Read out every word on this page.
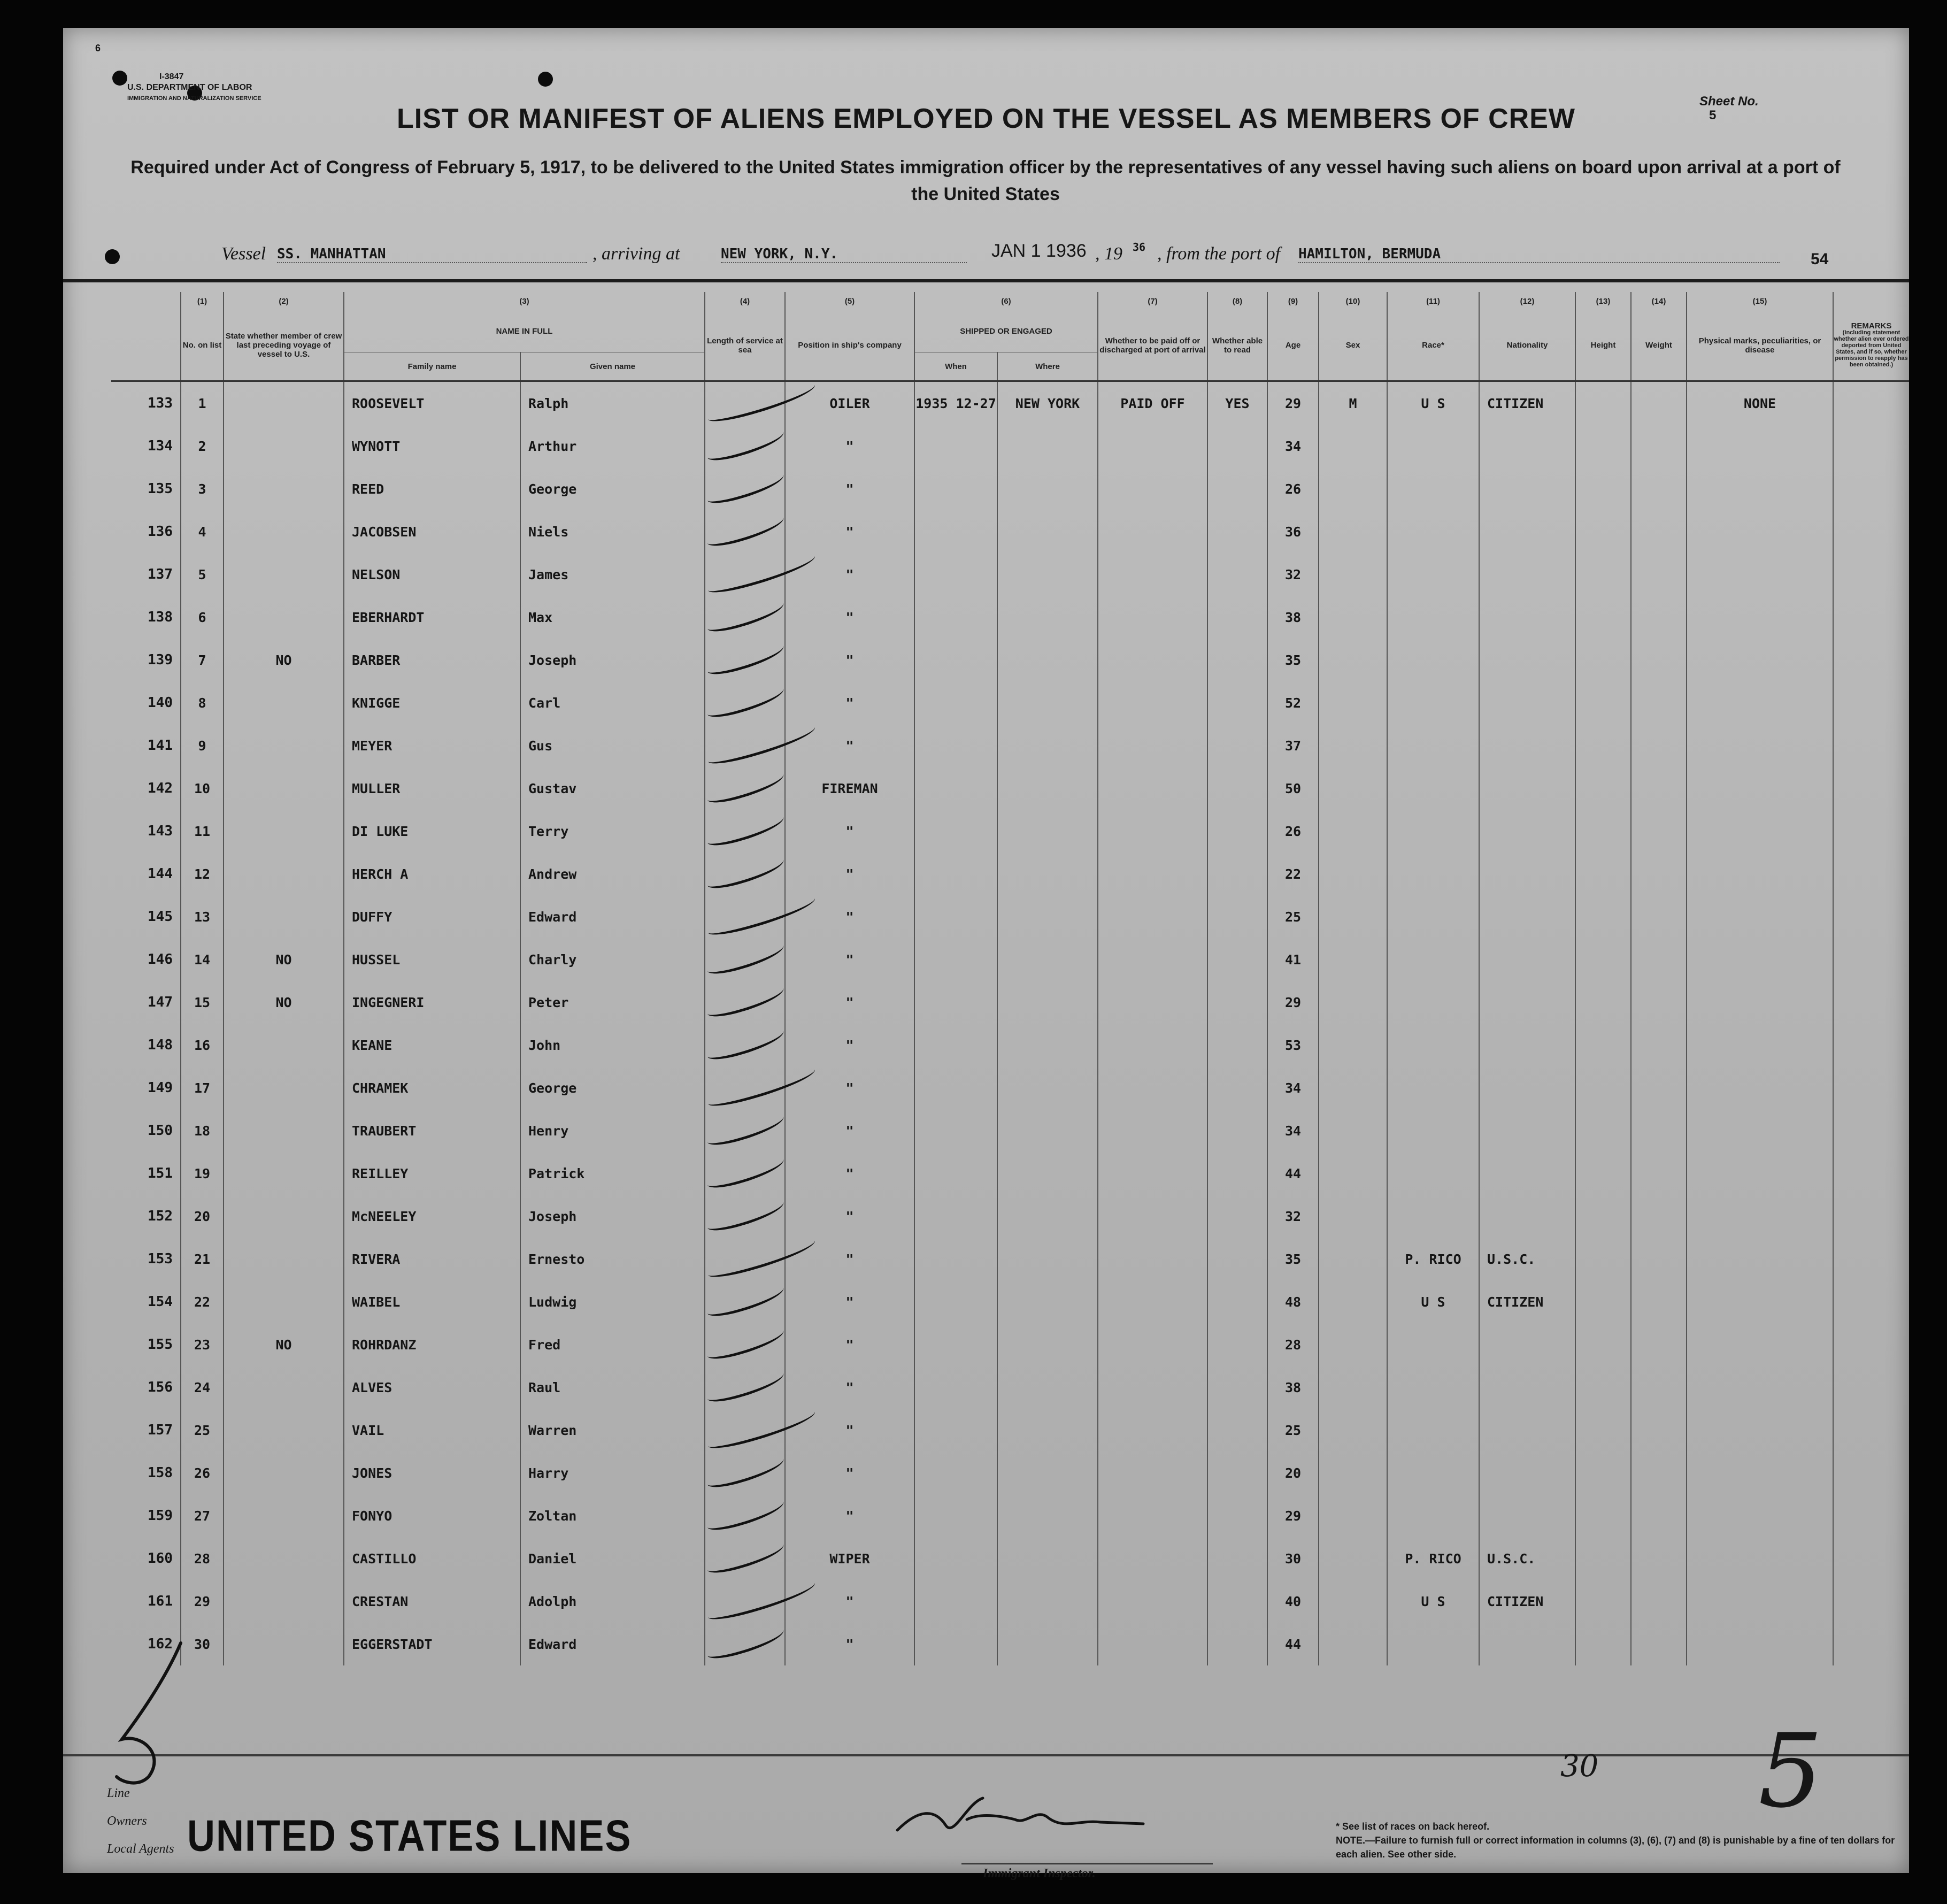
6
I-3847
U.S. DEPARTMENT OF LABOR
IMMIGRATION AND NATURALIZATION SERVICE	Sheet No.
5
LIST OR MANIFEST OF ALIENS EMPLOYED ON THE VESSEL AS MEMBERS OF CREW
Required under Act of Congress of February 5, 1917, to be delivered to the United States immigration officer by the representatives of any vessel having such aliens on board upon arrival at a port of the United States
Vessel SS. MANHATTAN	, arriving at	NEW YORK, N.Y.	JAN 1 1936 , 19 36 , from the port of HAMILTON, BERMUDA	54
	(1)	(2)	(3)		(4)	(5)	(6)		(7)	(8)	(9)	(10)	(11)	(12)	(13)	(14)	(15)	
	No. on list	State whether member of crew last preceding voyage of vessel to U.S.	NAME IN FULL		Length of service at sea	Position in ship's company	SHIPPED OR ENGAGED		Whether to be paid off or discharged at port of arrival	Whether able to read	Age	Sex	Race*	Nationality	Height	Weight	Physical marks, peculiarities, or disease	REMARKS
(Including statement whether alien ever ordered deported from United States, and if so, whether permission to reapply has been obtained.)

			Family name	Given name			When	Where										
133	1		ROOSEVELT	Ralph		OILER	1935 12-27	NEW YORK	PAID OFF	YES	29	M	U S	CITIZEN			NONE	
134	2		WYNOTT	Arthur		"					34							
135	3		REED	George		"					26							
136	4		JACOBSEN	Niels		"					36							
137	5		NELSON	James		"					32							
138	6		EBERHARDT	Max		"					38							
139	7	NO	BARBER	Joseph		"					35							
140	8		KNIGGE	Carl		"					52							
141	9		MEYER	Gus		"					37							
142	10		MULLER	Gustav		FIREMAN					50							
143	11		DI LUKE	Terry		"					26							
144	12		HERCH A	Andrew		"					22							
145	13		DUFFY	Edward		"					25							
146	14	NO	HUSSEL	Charly		"					41							
147	15	NO	INGEGNERI	Peter		"					29							
148	16		KEANE	John		"					53							
149	17		CHRAMEK	George		"					34							
150	18		TRAUBERT	Henry		"					34							
151	19		REILLEY	Patrick		"					44							
152	20		McNEELEY	Joseph		"					32							
153	21		RIVERA	Ernesto		"					35		P. RICO	U.S.C.				
154	22		WAIBEL	Ludwig		"					48		U S	CITIZEN				
155	23	NO	ROHRDANZ	Fred		"					28							
156	24		ALVES	Raul		"					38							
157	25		VAIL	Warren		"					25							
158	26		JONES	Harry		"					20							
159	27		FONYO	Zoltan		"					29							
160	28		CASTILLO	Daniel		WIPER					30		P. RICO	U.S.C.				
161	29		CRESTAN	Adolph		"					40		U S	CITIZEN				
162	30		EGGERSTADT	Edward		"					44							
Line
Owners
Local Agents UNITED STATES LINES
Immigrant Inspector.
30 5
* See list of races on back hereof.
NOTE.—Failure to furnish full or correct information in columns (3), (6), (7) and (8) is punishable by a fine of ten dollars for each alien. See other side.
